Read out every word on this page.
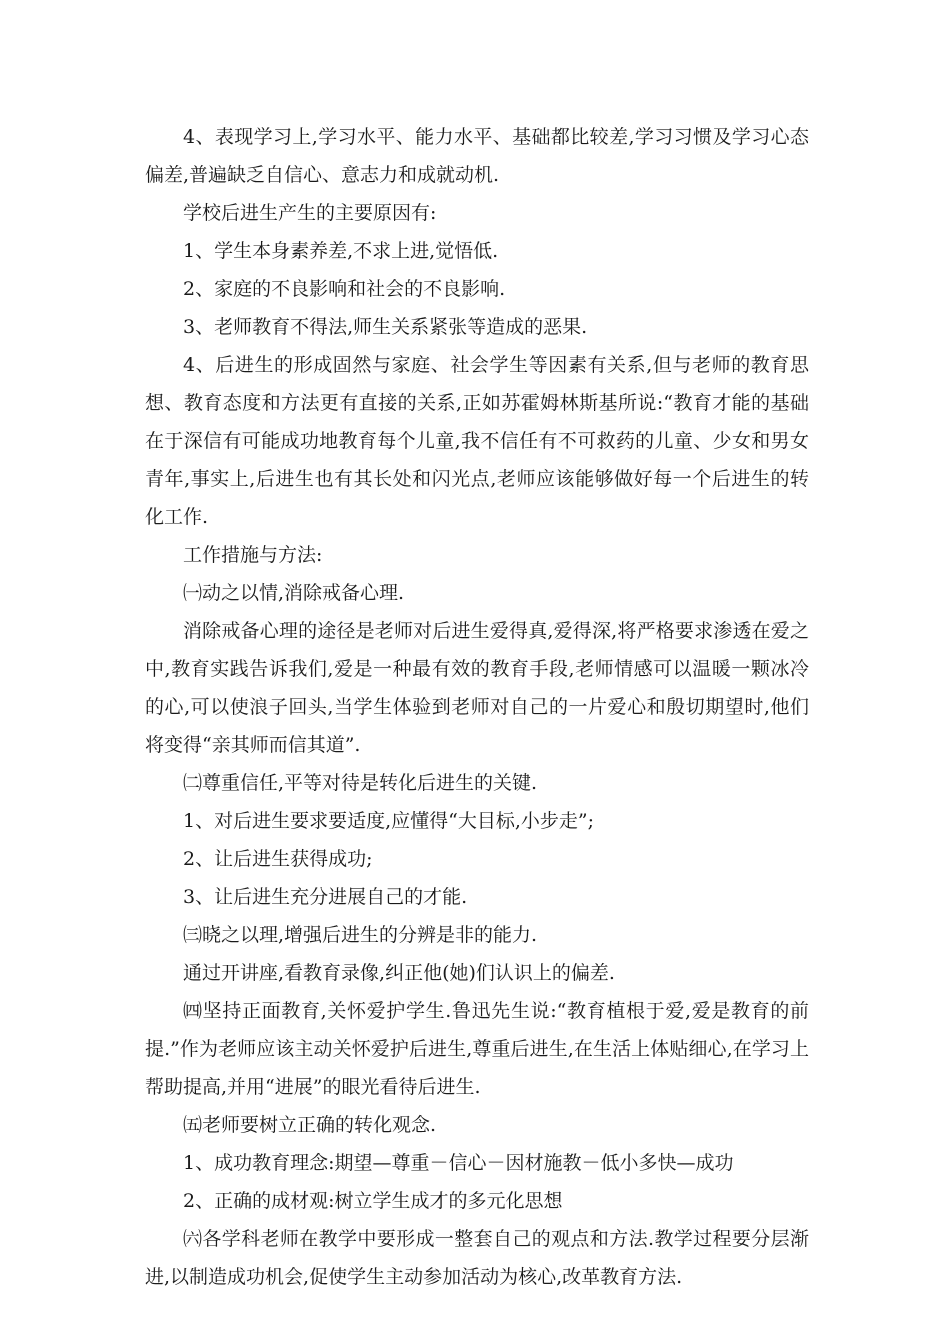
4、表现学习上,学习水平、能力水平、基础都比较差,学习习惯及学习心态偏差,普遍缺乏自信心、意志力和成就动机.

学校后进生产生的主要原因有:

1、学生本身素养差,不求上进,觉悟低.

2、家庭的不良影响和社会的不良影响.

3、老师教育不得法,师生关系紧张等造成的恶果.

4、后进生的形成固然与家庭、社会学生等因素有关系,但与老师的教育思想、教育态度和方法更有直接的关系,正如苏霍姆林斯基所说:“教育才能的基础在于深信有可能成功地教育每个儿童,我不信任有不可救药的儿童、少女和男女青年,事实上,后进生也有其长处和闪光点,老师应该能够做好每一个后进生的转化工作.

工作措施与方法:

㈠动之以情,消除戒备心理.

消除戒备心理的途径是老师对后进生爱得真,爱得深,将严格要求渗透在爱之中,教育实践告诉我们,爱是一种最有效的教育手段,老师情感可以温暖一颗冰冷的心,可以使浪子回头,当学生体验到老师对自己的一片爱心和殷切期望时,他们将变得“亲其师而信其道”.

㈡尊重信任,平等对待是转化后进生的关键.

1、对后进生要求要适度,应懂得“大目标,小步走”;

2、让后进生获得成功;

3、让后进生充分进展自己的才能.

㈢晓之以理,增强后进生的分辨是非的能力.

通过开讲座,看教育录像,纠正他(她)们认识上的偏差.

㈣坚持正面教育,关怀爱护学生.鲁迅先生说:“教育植根于爱,爱是教育的前提.”作为老师应该主动关怀爱护后进生,尊重后进生,在生活上体贴细心,在学习上帮助提高,并用“进展”的眼光看待后进生.

㈤老师要树立正确的转化观念.

1、成功教育理念:期望—尊重－信心－因材施教－低小多快—成功

2、正确的成材观:树立学生成才的多元化思想

㈥各学科老师在教学中要形成一整套自己的观点和方法.教学过程要分层渐进,以制造成功机会,促使学生主动参加活动为核心,改革教育方法.
